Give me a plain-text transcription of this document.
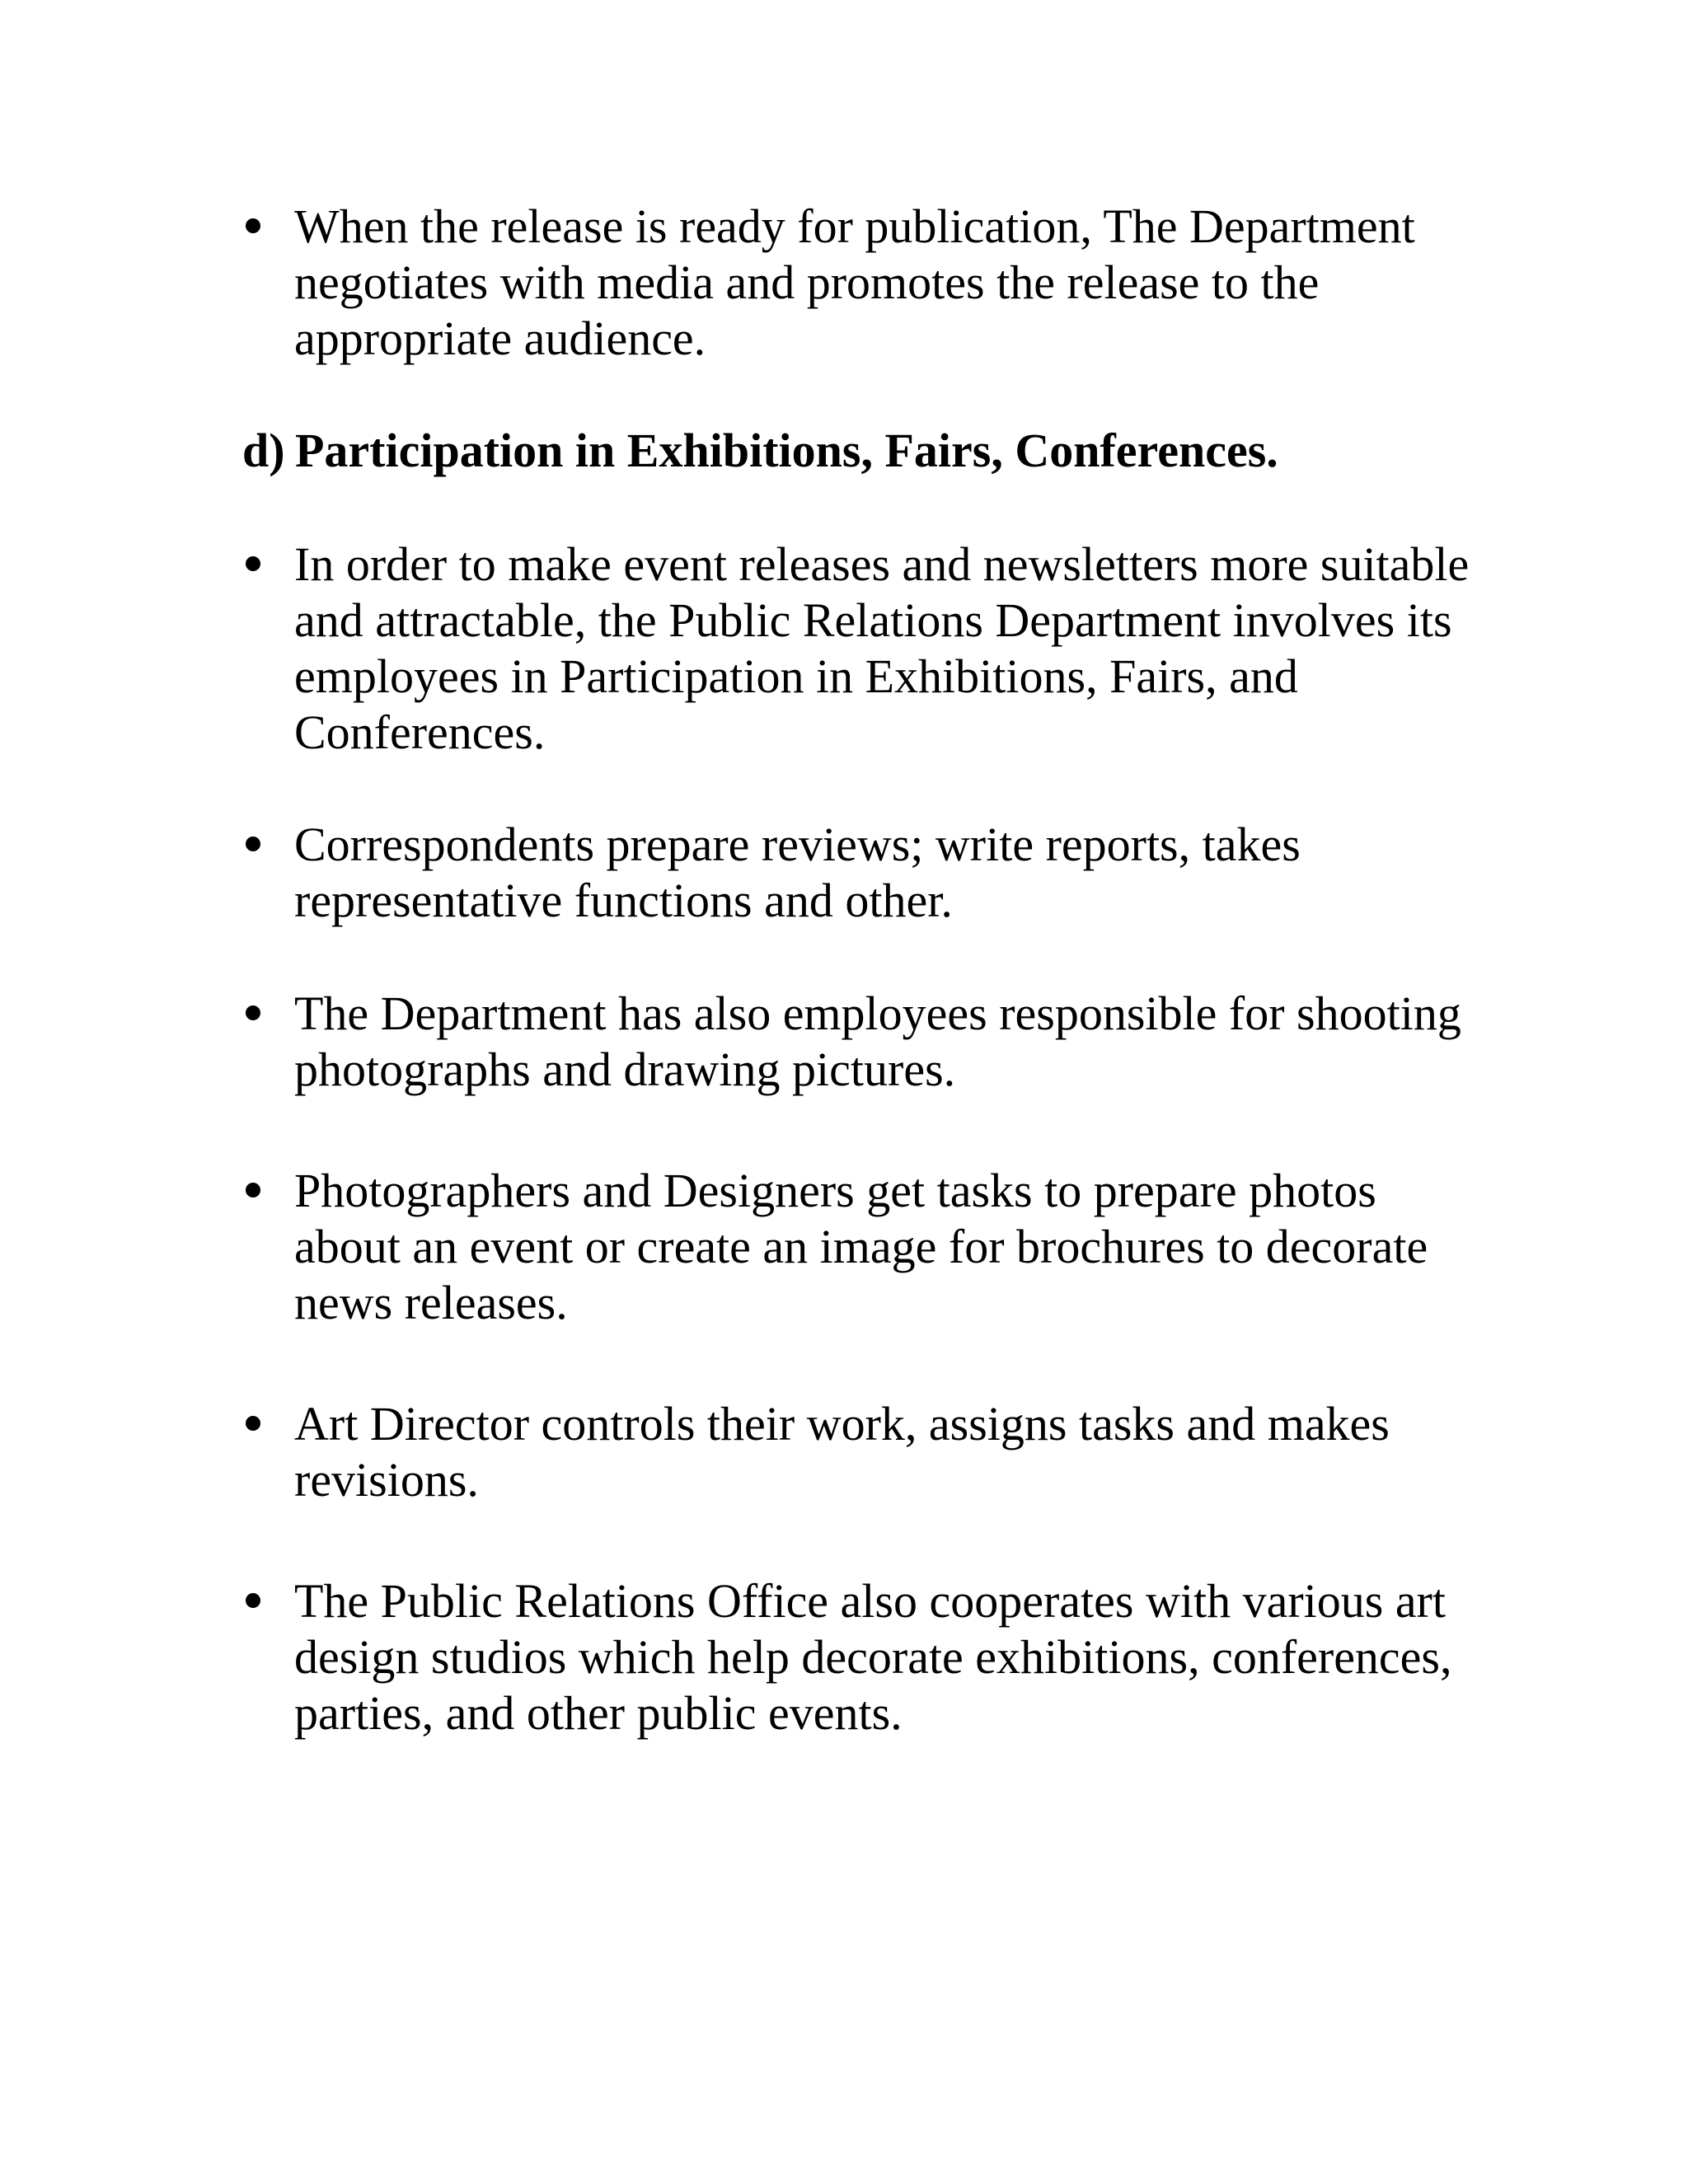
When the release is ready for publication, The Department negotiates with media and promotes the release to the appropriate audience.
d) Participation in Exhibitions, Fairs, Conferences.
In order to make event releases and newsletters more suitable and attractable, the Public Relations Department involves its employees in Participation in Exhibitions, Fairs, and Conferences.
Correspondents prepare reviews; write reports, takes representative functions and other.
The Department has also employees responsible for shooting photographs and drawing pictures.
Photographers and Designers get tasks to prepare photos about an event or create an image for brochures to decorate news releases.
Art Director controls their work, assigns tasks and makes revisions.
The Public Relations Office also cooperates with various art design studios which help decorate exhibitions, conferences, parties, and other public events.
